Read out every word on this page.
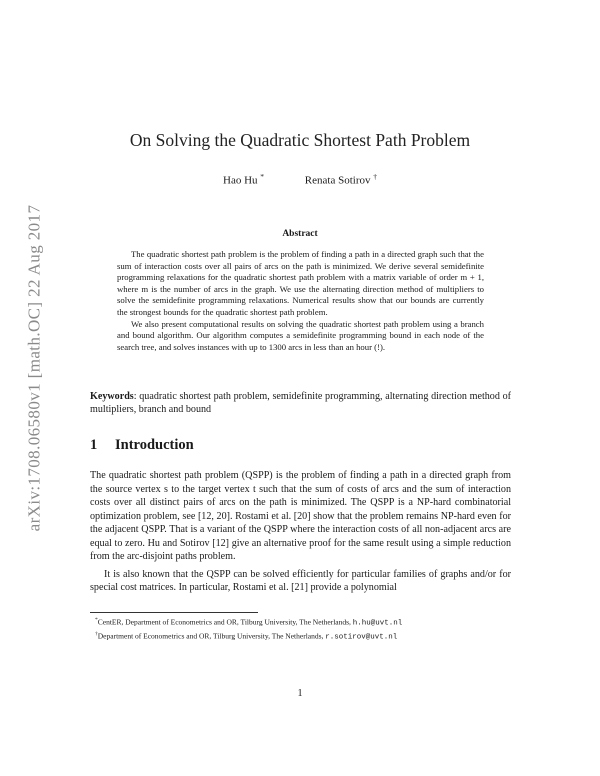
arXiv:1708.06580v1 [math.OC] 22 Aug 2017
On Solving the Quadratic Shortest Path Problem
Hao Hu *	Renata Sotirov †
Abstract

The quadratic shortest path problem is the problem of finding a path in a directed graph such that the sum of interaction costs over all pairs of arcs on the path is minimized. We derive several semidefinite programming relaxations for the quadratic shortest path problem with a matrix variable of order m + 1, where m is the number of arcs in the graph. We use the alternating direction method of multipliers to solve the semidefinite programming relaxations. Numerical results show that our bounds are currently the strongest bounds for the quadratic shortest path problem.

We also present computational results on solving the quadratic shortest path problem using a branch and bound algorithm. Our algorithm computes a semidefinite programming bound in each node of the search tree, and solves instances with up to 1300 arcs in less than an hour (!).

Keywords: quadratic shortest path problem, semidefinite programming, alternating direction method of multipliers, branch and bound
1 Introduction

The quadratic shortest path problem (QSPP) is the problem of finding a path in a directed graph from the source vertex s to the target vertex t such that the sum of costs of arcs and the sum of interaction costs over all distinct pairs of arcs on the path is minimized. The QSPP is a NP-hard combinatorial optimization problem, see [12, 20]. Rostami et al. [20] show that the problem remains NP-hard even for the adjacent QSPP. That is a variant of the QSPP where the interaction costs of all non-adjacent arcs are equal to zero. Hu and Sotirov [12] give an alternative proof for the same result using a simple reduction from the arc-disjoint paths problem.

It is also known that the QSPP can be solved efficiently for particular families of graphs and/or for special cost matrices. In particular, Rostami et al. [21] provide a polynomial

*CentER, Department of Econometrics and OR, Tilburg University, The Netherlands, h.hu@uvt.nl
†Department of Econometrics and OR, Tilburg University, The Netherlands, r.sotirov@uvt.nl
1
